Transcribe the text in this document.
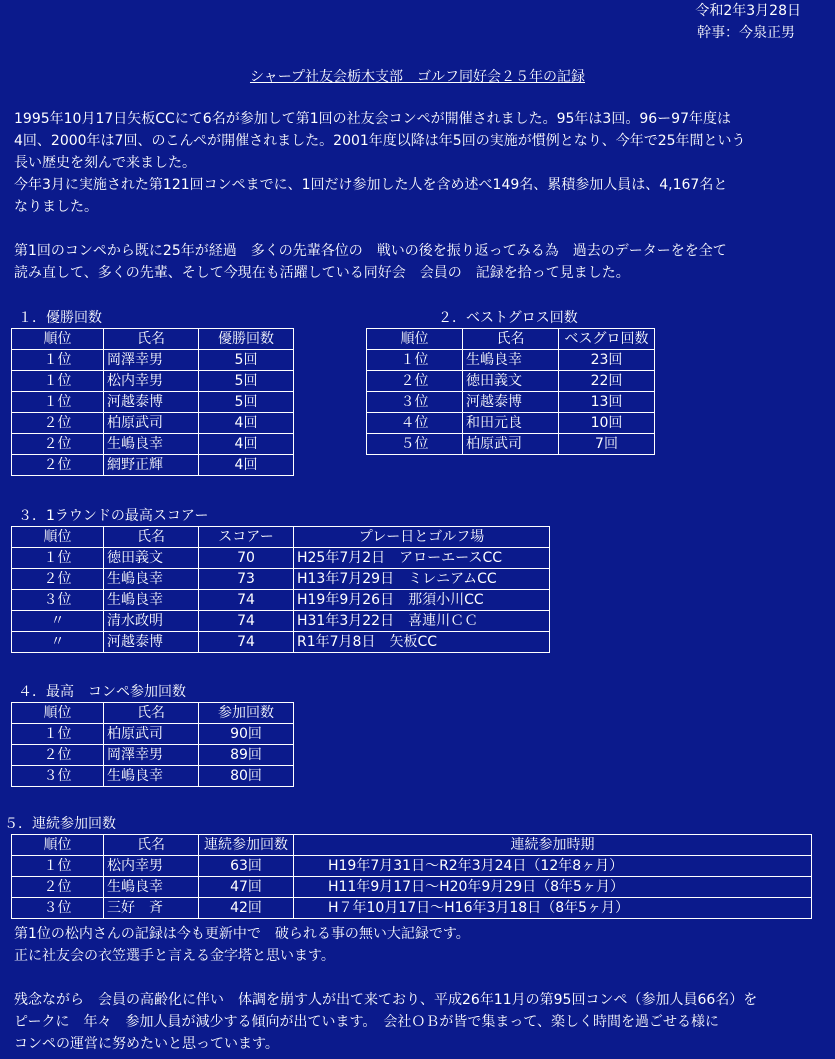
令和2年3月28日
幹事：今泉正男
シャープ社友会栃木支部　ゴルフ同好会２５年の記録

1995年10月17日矢板CCにて6名が参加して第1回の社友会コンペが開催されました。95年は3回。96ー97年度は

4回、2000年は7回、のこんぺが開催されました。2001年度以降は年5回の実施が慣例となり、今年で25年間という

長い歴史を刻んで来ました。

今年3月に実施された第121回コンペまでに、1回だけ参加した人を含め述べ149名、累積参加人員は、4,167名と

なりました。

第1回のコンペから既に25年が経過　多くの先輩各位の　戦いの後を振り返ってみる為　過去のデーターをを全て

読み直して、多くの先輩、そして今現在も活躍している同好会　会員の　記録を拾って見ました。

１．優勝回数
順位	氏名	優勝回数
１位	岡澤幸男	5回
１位	松内幸男	5回
１位	河越泰博	5回
２位	柏原武司	4回
２位	生嶋良幸	4回
２位	網野正輝	4回
２．ベストグロス回数
順位	氏名	ベスグロ回数
１位	生嶋良幸	23回
２位	徳田義文	22回
３位	河越泰博	13回
４位	和田元良	10回
５位	柏原武司	7回
３．1ラウンドの最高スコアー
順位	氏名	スコアー	プレー日とゴルフ場
１位	徳田義文	70	H25年7月2日　アローエースCC
２位	生嶋良幸	73	H13年7月29日　ミレニアムCC
３位	生嶋良幸	74	H19年9月26日　那須小川CC
〃	清水政明	74	H31年3月22日　喜連川ＣＣ
〃	河越泰博	74	R1年7月8日　矢板CC
４．最高　コンペ参加回数
順位	氏名	参加回数
１位	柏原武司	90回
２位	岡澤幸男	89回
３位	生嶋良幸	80回
５．連続参加回数
順位	氏名	連続参加回数	連続参加時期
１位	松内幸男	63回	H19年7月31日～R2年3月24日（12年8ヶ月）
２位	生嶋良幸	47回	H11年9月17日～H20年9月29日（8年5ヶ月）
３位	三好　斉	42回	H７年10月17日～H16年3月18日（8年5ヶ月）

第1位の松内さんの記録は今も更新中で　破られる事の無い大記録です。

正に社友会の衣笠選手と言える金字塔と思います。

残念ながら　会員の高齢化に伴い　体調を崩す人が出て来ており、平成26年11月の第95回コンペ（参加人員66名）を

ピークに　年々　参加人員が減少する傾向が出ています。　会社ＯＢが皆で集まって、楽しく時間を過ごせる様に

コンペの運営に努めたいと思っています。
